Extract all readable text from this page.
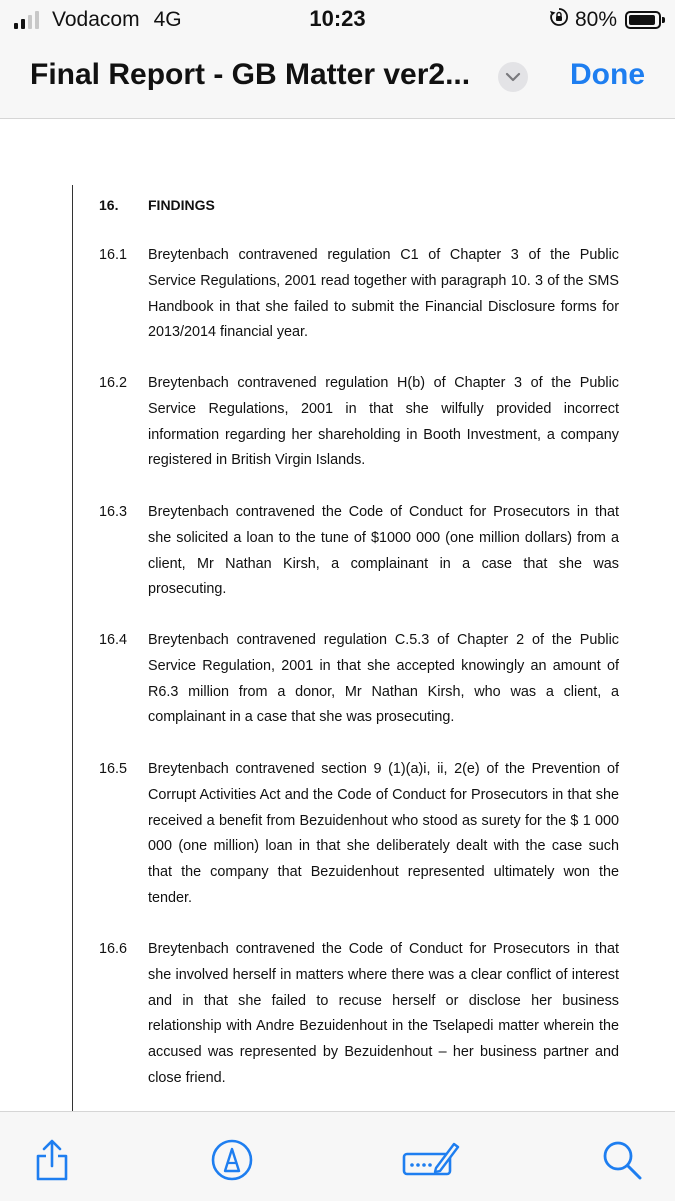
Vodacom 4G	10:23	80%
Final Report - GB Matter ver2...	Done
16. FINDINGS
16.1 Breytenbach contravened regulation C1 of Chapter 3 of the Public Service Regulations, 2001 read together with paragraph 10. 3 of the SMS Handbook in that she failed to submit the Financial Disclosure forms for 2013/2014 financial year.
16.2 Breytenbach contravened regulation H(b) of Chapter 3 of the Public Service Regulations, 2001 in that she wilfully provided incorrect information regarding her shareholding in Booth Investment, a company registered in British Virgin Islands.
16.3 Breytenbach contravened the Code of Conduct for Prosecutors in that she solicited a loan to the tune of $1000 000 (one million dollars) from a client, Mr Nathan Kirsh, a complainant in a case that she was prosecuting.
16.4 Breytenbach contravened regulation C.5.3 of Chapter 2 of the Public Service Regulation, 2001 in that she accepted knowingly an amount of R6.3 million from a donor, Mr Nathan Kirsh, who was a client, a complainant in a case that she was prosecuting.
16.5 Breytenbach contravened section 9 (1)(a)i, ii, 2(e) of the Prevention of Corrupt Activities Act and the Code of Conduct for Prosecutors in that she received a benefit from Bezuidenhout who stood as surety for the $ 1 000 000 (one million) loan in that she deliberately dealt with the case such that the company that Bezuidenhout represented ultimately won the tender.
16.6 Breytenbach contravened the Code of Conduct for Prosecutors in that she involved herself in matters where there was a clear conflict of interest and in that she failed to recuse herself or disclose her business relationship with Andre Bezuidenhout in the Tselapedi matter wherein the accused was represented by Bezuidenhout – her business partner and close friend.
